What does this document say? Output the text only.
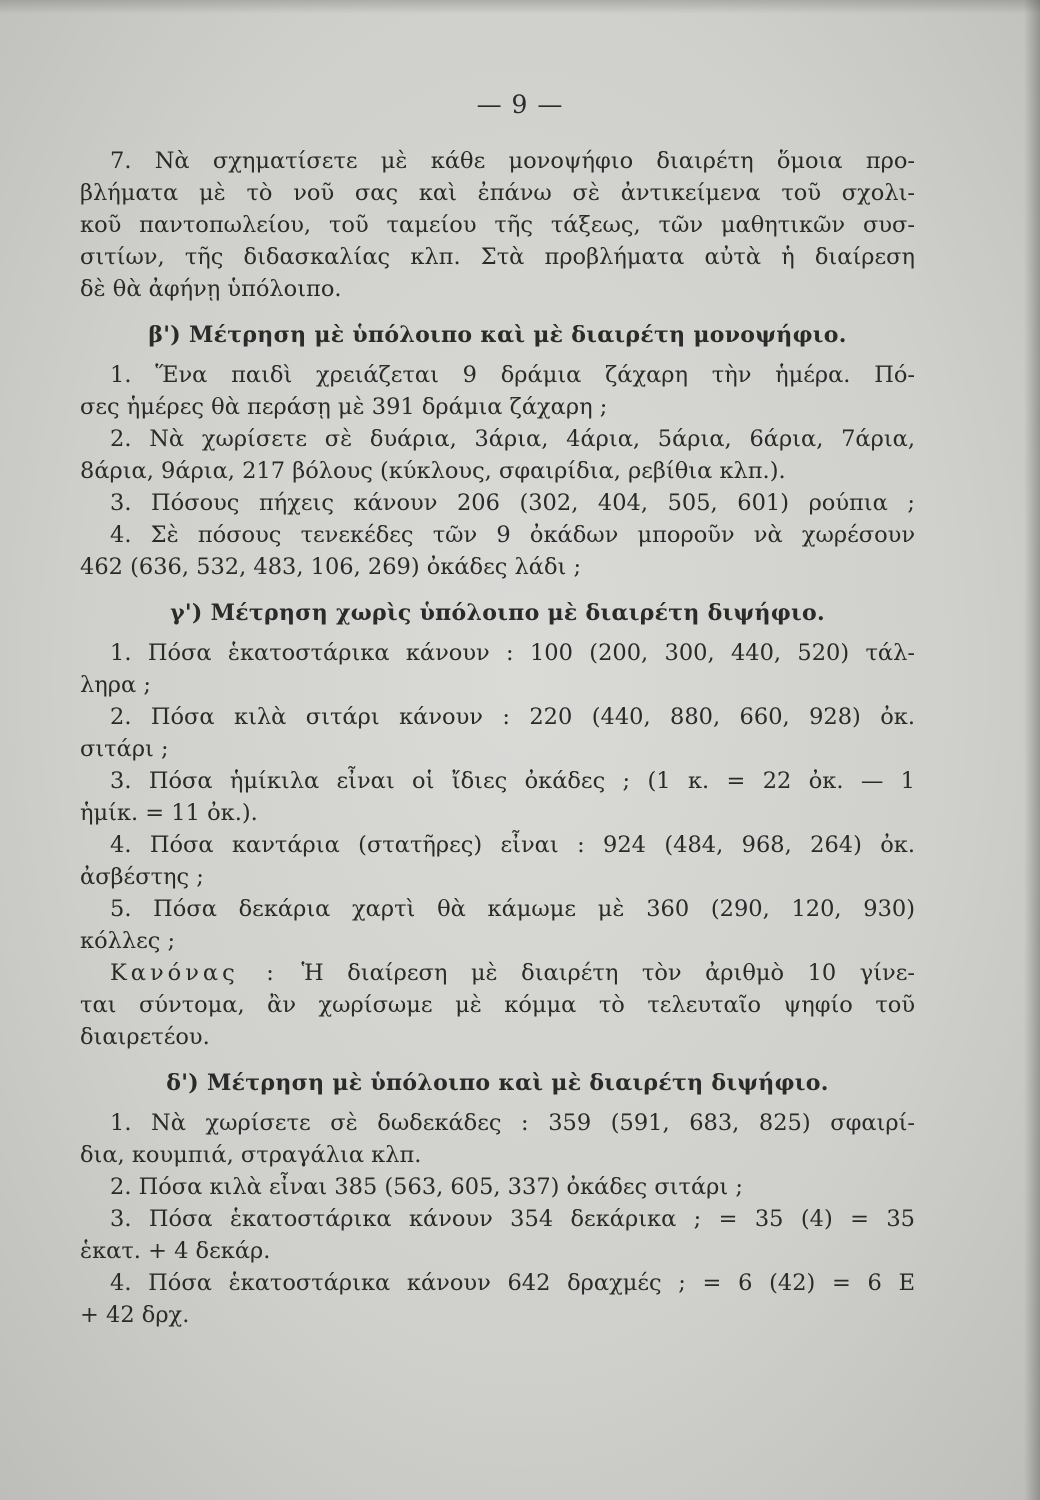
— 9 —
7. Νὰ σχηματίσετε μὲ κάθε μονοψήφιο διαιρέτη ὅμοια προ-
βλήματα μὲ τὸ νοῦ σας καὶ ἐπάνω σὲ ἀντικείμενα τοῦ σχολι-
κοῦ παντοπωλείου, τοῦ ταμείου τῆς τάξεως, τῶν μαθητικῶν συσ-
σιτίων, τῆς διδασκαλίας κλπ. Στὰ προβλήματα αὐτὰ ἡ διαίρεση
δὲ θὰ ἀφήνῃ ὑπόλοιπο.
β') Μέτρηση μὲ ὑπόλοιπο καὶ μὲ διαιρέτη μονοψήφιο.
1. Ἕνα παιδὶ χρειάζεται 9 δράμια ζάχαρη τὴν ἡμέρα. Πό-
σες ἡμέρες θὰ περάσῃ μὲ 391 δράμια ζάχαρη ;
2. Νὰ χωρίσετε σὲ δυάρια, 3άρια, 4άρια, 5άρια, 6άρια, 7άρια,
8άρια, 9άρια, 217 βόλους (κύκλους, σφαιρίδια, ρεβίθια κλπ.).
3. Πόσους πήχεις κάνουν 206 (302, 404, 505, 601) ρούπια ;
4. Σὲ πόσους τενεκέδες τῶν 9 ὀκάδων μποροῦν νὰ χωρέσουν
462 (636, 532, 483, 106, 269) ὀκάδες λάδι ;
γ') Μέτρηση χωρὶς ὑπόλοιπο μὲ διαιρέτη διψήφιο.
1. Πόσα ἑκατοστάρικα κάνουν : 100 (200, 300, 440, 520) τάλ-
ληρα ;
2. Πόσα κιλὰ σιτάρι κάνουν : 220 (440, 880, 660, 928) ὀκ.
σιτάρι ;
3. Πόσα ἡμίκιλα εἶναι οἱ ἴδιες ὀκάδες ; (1 κ. = 22 ὀκ. — 1
ἡμίκ. = 11 ὀκ.).
4. Πόσα καντάρια (στατῆρες) εἶναι : 924 (484, 968, 264) ὀκ.
ἀσβέστης ;
5. Πόσα δεκάρια χαρτὶ θὰ κάμωμε μὲ 360 (290, 120, 930)
κόλλες ;
Κανόνας : Ἡ διαίρεση μὲ διαιρέτη τὸν ἀριθμὸ 10 γίνε-
ται σύντομα, ἂν χωρίσωμε μὲ κόμμα τὸ τελευταῖο ψηφίο τοῦ
διαιρετέου.
δ') Μέτρηση μὲ ὑπόλοιπο καὶ μὲ διαιρέτη διψήφιο.
1. Νὰ χωρίσετε σὲ δωδεκάδες : 359 (591, 683, 825) σφαιρί-
δια, κουμπιά, στραγάλια κλπ.
2. Πόσα κιλὰ εἶναι 385 (563, 605, 337) ὀκάδες σιτάρι ;
3. Πόσα ἑκατοστάρικα κάνουν 354 δεκάρικα ; = 35 (4) = 35
ἑκατ. + 4 δεκάρ.
4. Πόσα ἑκατοστάρικα κάνουν 642 δραχμές ; = 6 (42) = 6 Ε
+ 42 δρχ.
